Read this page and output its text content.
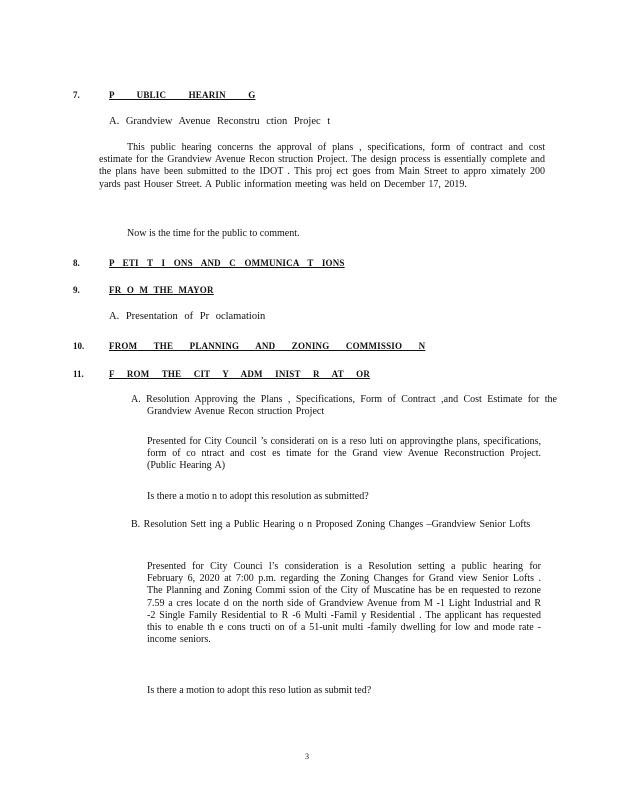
7.	P UBLIC HEARIN G
A. Grandview Avenue Reconstru ction Projec t
This public hearing concerns the approval of plans , specifications, form of contract and cost estimate for the Grandview Avenue Recon struction Project. The design process is essentially complete and the plans have been submitted to the IDOT . This proj ect goes from Main Street to appro ximately 200 yards past Houser Street. A Public information meeting was held on December 17, 2019.
Now is the time for the public to comment.
8.	P ETI T I ONS AND C OMMUNICA T IONS
9.	FR O M THE MAYOR
A. Presentation of Pr oclamatioin
10.	FROM THE PLANNING AND ZONING COMMISSIO N
11.	F ROM THE CIT Y ADM INIST R AT OR
A. Resolution Approving the Plans , Specifications, Form of Contract ,and Cost Estimate for the Grandview Avenue Recon struction Project
Presented for City Council ’s considerati on is a reso luti on approvingthe plans, specifications, form of co ntract and cost es timate for the Grand view Avenue Reconstruction Project. (Public Hearing A)
Is there a motio n to adopt this resolution as submitted?
B. Resolution Sett ing a Public Hearing o n Proposed Zoning Changes –Grandview Senior Lofts
Presented for City Counci l’s consideration is a Resolution setting a public hearing for February 6, 2020 at 7:00 p.m. regarding the Zoning Changes for Grand view Senior Lofts . The Planning and Zoning Commi ssion of the City of Muscatine has be en requested to rezone 7.59 a cres locate d on the north side of Grandview Avenue from M -1 Light Industrial and R -2 Single Family Residential to R -6 Multi -Famil y Residential . The applicant has requested this to enable th e cons tructi on of a 51-unit multi -family dwelling for low and mode rate -income seniors.
Is there a motion to adopt this reso lution as submit ted?
3
